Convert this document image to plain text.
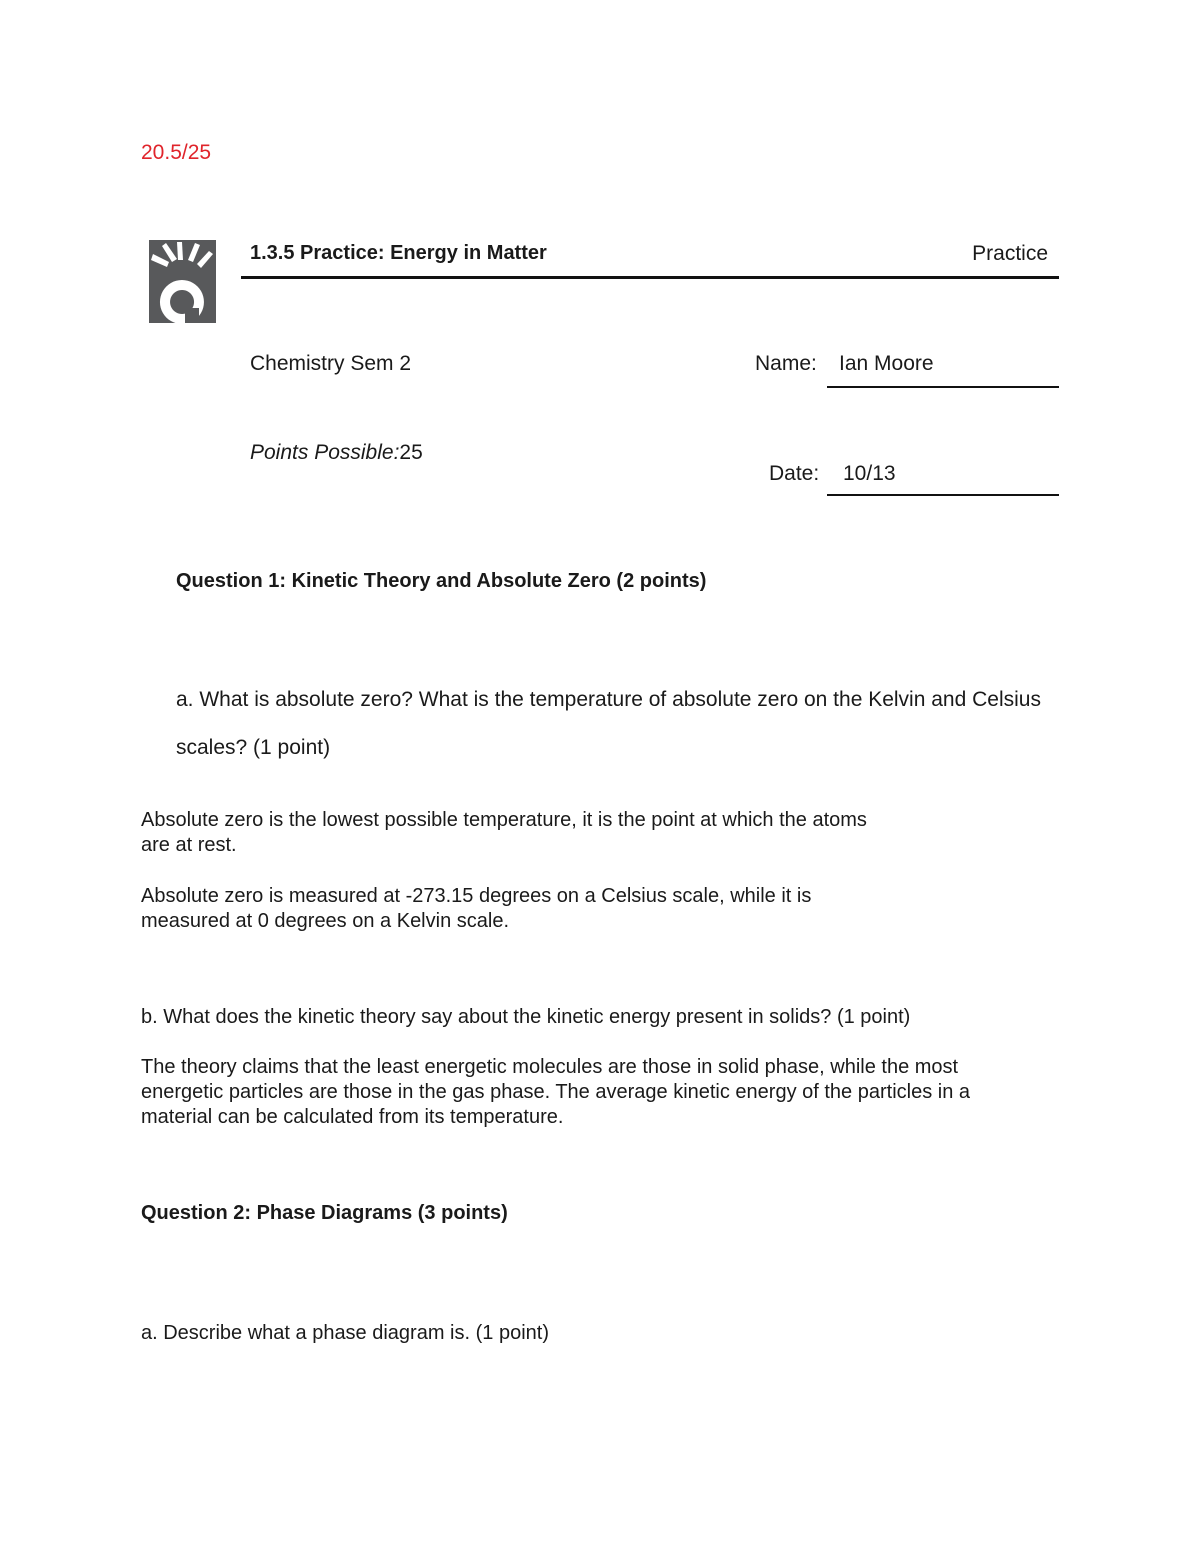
20.5/25
1.3.5 Practice: Energy in Matter	Practice
Chemistry Sem 2	Name: Ian Moore
Points Possible:25
Date: 10/13
Question 1: Kinetic Theory and Absolute Zero (2 points)
a. What is absolute zero? What is the temperature of absolute zero on the Kelvin and Celsius
scales? (1 point)

Absolute zero is the lowest possible temperature, it is the point at which the atoms are at rest.

Absolute zero is measured at -273.15 degrees on a Celsius scale, while it is measured at 0 degrees on a Kelvin scale.

b. What does the kinetic theory say about the kinetic energy present in solids? (1 point)

The theory claims that the least energetic molecules are those in solid phase, while the most energetic particles are those in the gas phase. The average kinetic energy of the particles in a material can be calculated from its temperature.

Question 2: Phase Diagrams (3 points)
a. Describe what a phase diagram is. (1 point)
